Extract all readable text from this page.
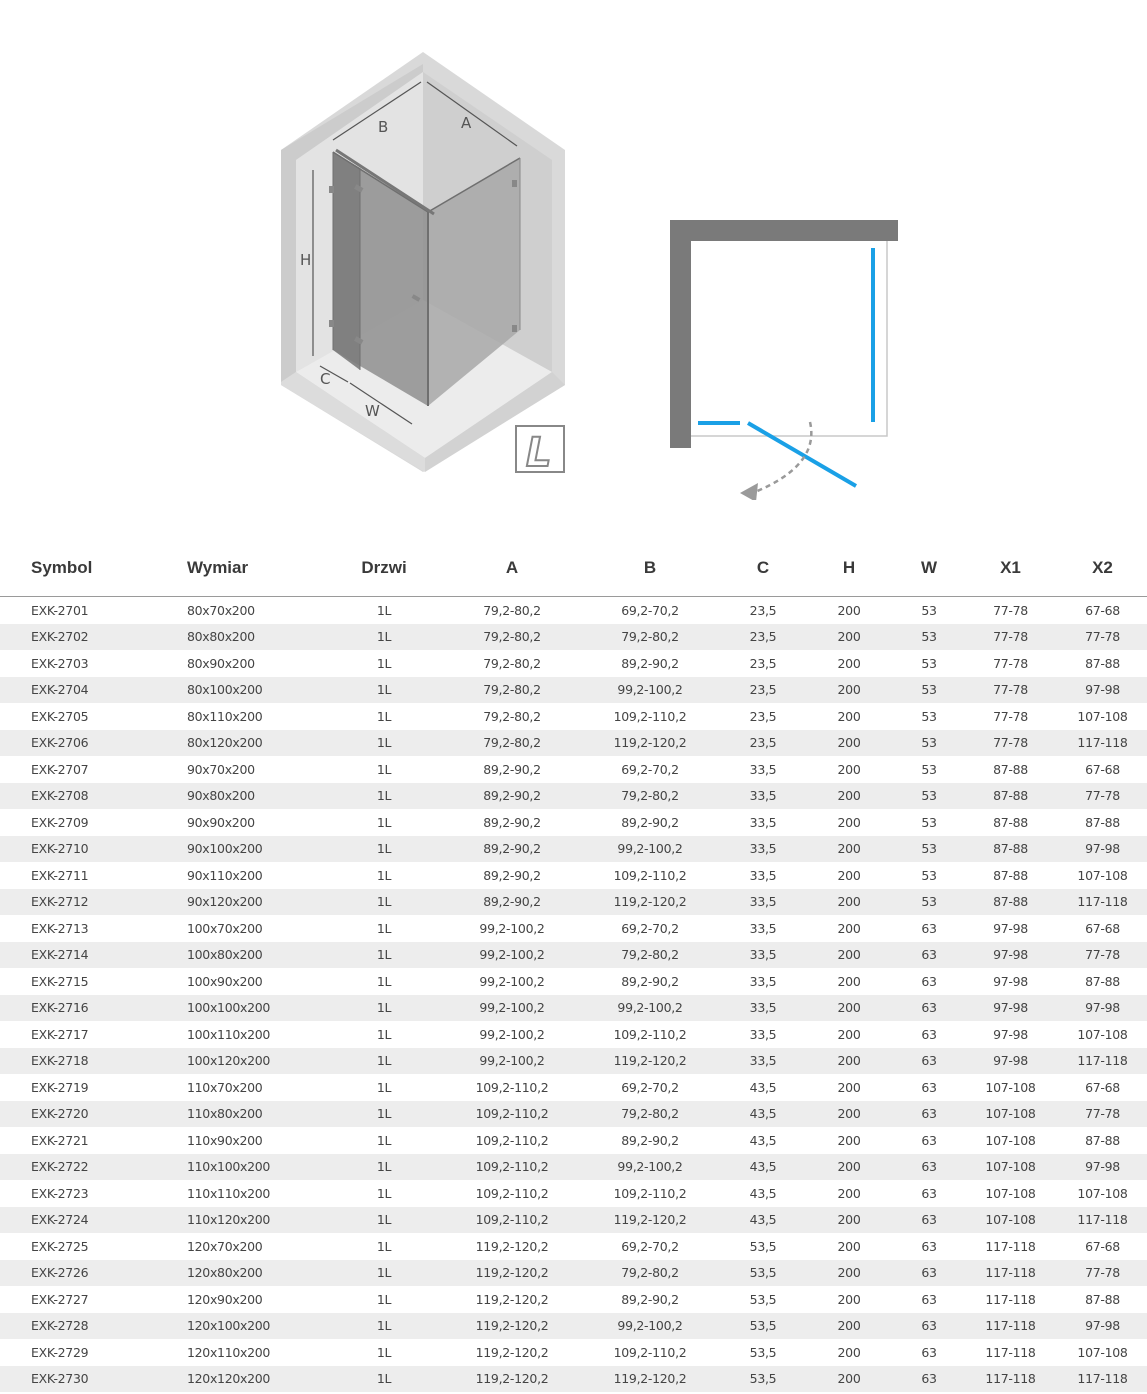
B	A
H
C
W
L
Symbol	Wymiar	Drzwi	A	B	C	H	W	X1	X2
EXK-2701	80x70x200	1L	79,2-80,2	69,2-70,2	23,5	200	53	77-78	67-68
EXK-2702	80x80x200	1L	79,2-80,2	79,2-80,2	23,5	200	53	77-78	77-78
EXK-2703	80x90x200	1L	79,2-80,2	89,2-90,2	23,5	200	53	77-78	87-88
EXK-2704	80x100x200	1L	79,2-80,2	99,2-100,2	23,5	200	53	77-78	97-98
EXK-2705	80x110x200	1L	79,2-80,2	109,2-110,2	23,5	200	53	77-78	107-108
EXK-2706	80x120x200	1L	79,2-80,2	119,2-120,2	23,5	200	53	77-78	117-118
EXK-2707	90x70x200	1L	89,2-90,2	69,2-70,2	33,5	200	53	87-88	67-68
EXK-2708	90x80x200	1L	89,2-90,2	79,2-80,2	33,5	200	53	87-88	77-78
EXK-2709	90x90x200	1L	89,2-90,2	89,2-90,2	33,5	200	53	87-88	87-88
EXK-2710	90x100x200	1L	89,2-90,2	99,2-100,2	33,5	200	53	87-88	97-98
EXK-2711	90x110x200	1L	89,2-90,2	109,2-110,2	33,5	200	53	87-88	107-108
EXK-2712	90x120x200	1L	89,2-90,2	119,2-120,2	33,5	200	53	87-88	117-118
EXK-2713	100x70x200	1L	99,2-100,2	69,2-70,2	33,5	200	63	97-98	67-68
EXK-2714	100x80x200	1L	99,2-100,2	79,2-80,2	33,5	200	63	97-98	77-78
EXK-2715	100x90x200	1L	99,2-100,2	89,2-90,2	33,5	200	63	97-98	87-88
EXK-2716	100x100x200	1L	99,2-100,2	99,2-100,2	33,5	200	63	97-98	97-98
EXK-2717	100x110x200	1L	99,2-100,2	109,2-110,2	33,5	200	63	97-98	107-108
EXK-2718	100x120x200	1L	99,2-100,2	119,2-120,2	33,5	200	63	97-98	117-118
EXK-2719	110x70x200	1L	109,2-110,2	69,2-70,2	43,5	200	63	107-108	67-68
EXK-2720	110x80x200	1L	109,2-110,2	79,2-80,2	43,5	200	63	107-108	77-78
EXK-2721	110x90x200	1L	109,2-110,2	89,2-90,2	43,5	200	63	107-108	87-88
EXK-2722	110x100x200	1L	109,2-110,2	99,2-100,2	43,5	200	63	107-108	97-98
EXK-2723	110x110x200	1L	109,2-110,2	109,2-110,2	43,5	200	63	107-108	107-108
EXK-2724	110x120x200	1L	109,2-110,2	119,2-120,2	43,5	200	63	107-108	117-118
EXK-2725	120x70x200	1L	119,2-120,2	69,2-70,2	53,5	200	63	117-118	67-68
EXK-2726	120x80x200	1L	119,2-120,2	79,2-80,2	53,5	200	63	117-118	77-78
EXK-2727	120x90x200	1L	119,2-120,2	89,2-90,2	53,5	200	63	117-118	87-88
EXK-2728	120x100x200	1L	119,2-120,2	99,2-100,2	53,5	200	63	117-118	97-98
EXK-2729	120x110x200	1L	119,2-120,2	109,2-110,2	53,5	200	63	117-118	107-108
EXK-2730	120x120x200	1L	119,2-120,2	119,2-120,2	53,5	200	63	117-118	117-118
